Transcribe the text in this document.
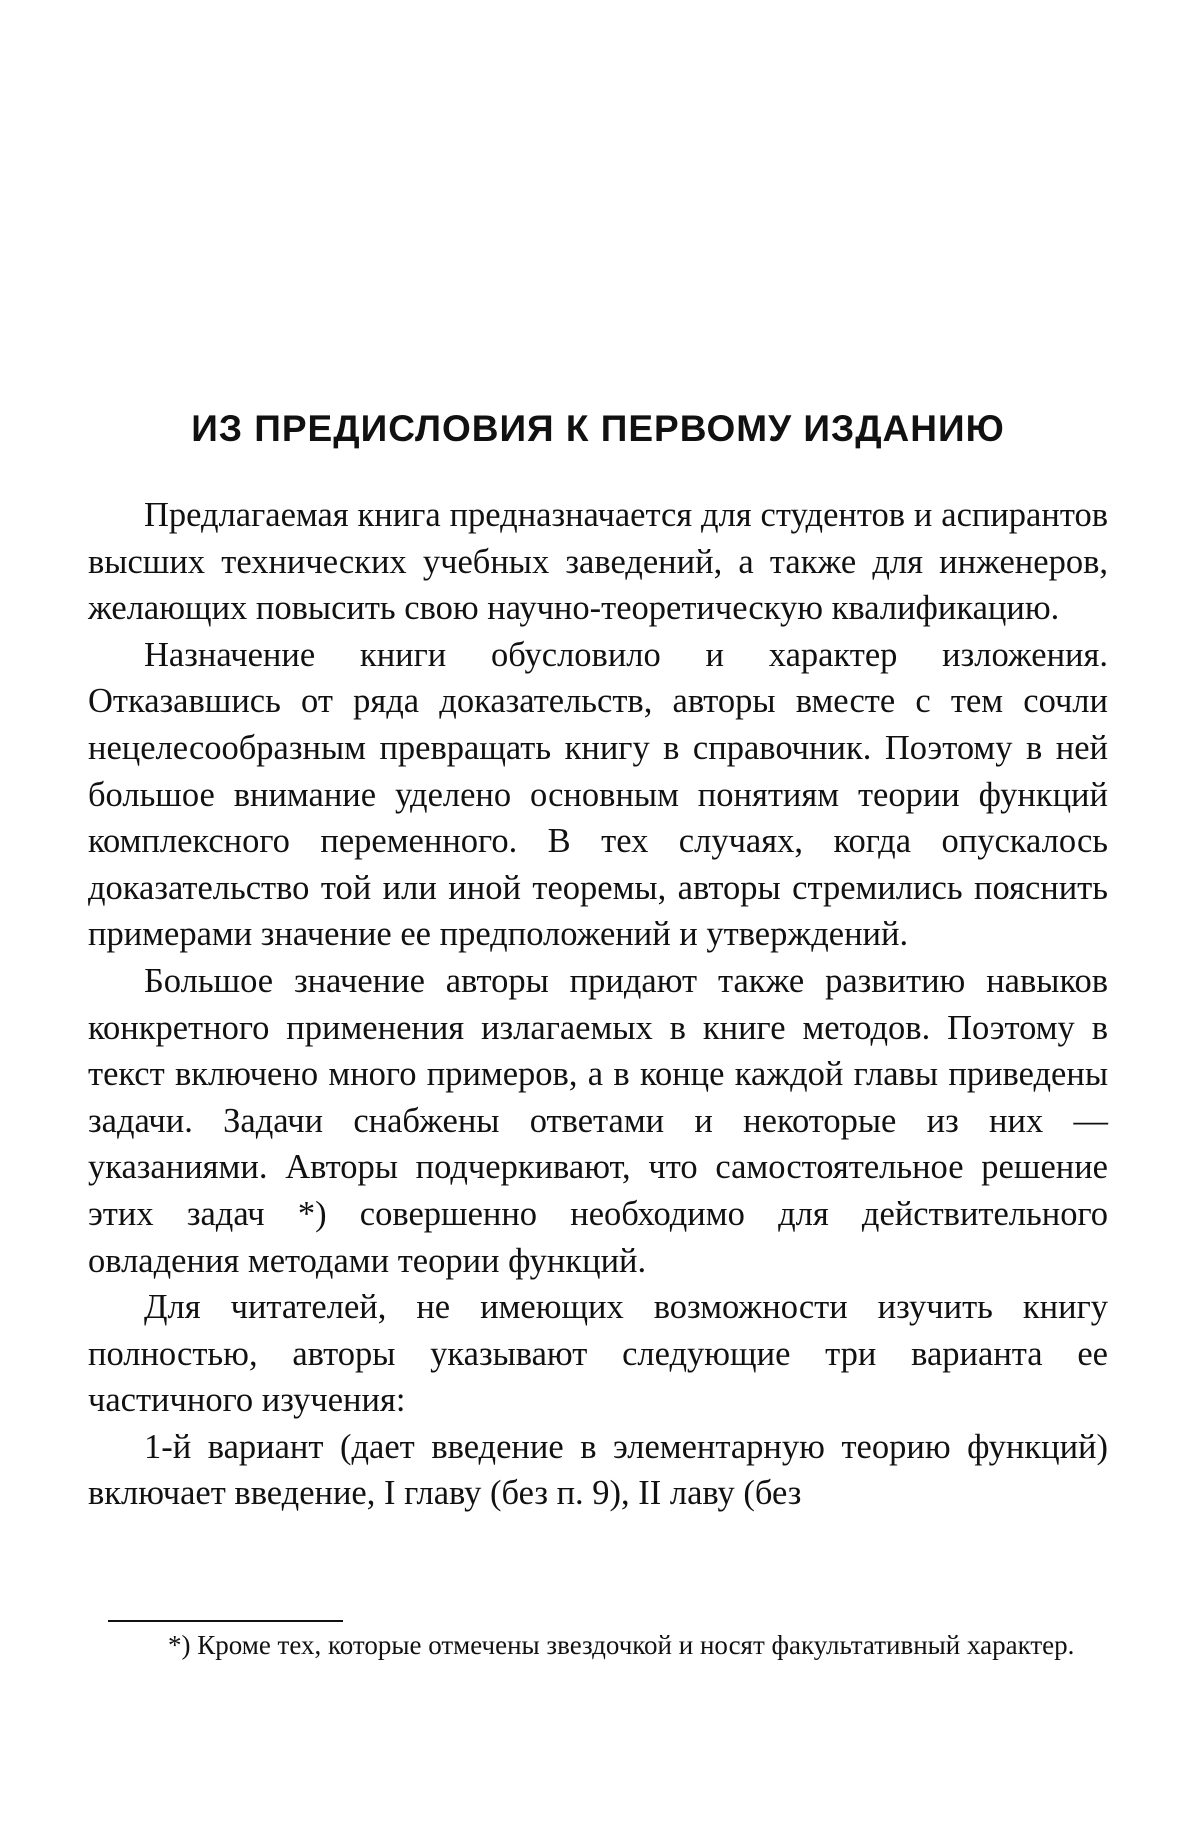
ИЗ ПРЕДИСЛОВИЯ К ПЕРВОМУ ИЗДАНИЮ

Предлагаемая книга предназначается для студентов и аспирантов высших технических учебных заведений, а также для инженеров, желающих повысить свою научно-теоретическую квалификацию.

Назначение книги обусловило и характер изложения. Отказавшись от ряда доказательств, авторы вместе с тем сочли нецелесообразным превращать книгу в справочник. Поэтому в ней большое внимание уделено основным понятиям теории функций комплексного переменного. В тех случаях, когда опускалось доказательство той или иной теоремы, авторы стремились пояснить примерами значение ее предположений и утверждений.

Большое значение авторы придают также развитию навыков конкретного применения излагаемых в книге методов. Поэтому в текст включено много примеров, а в конце каждой главы приведены задачи. Задачи снабжены ответами и некоторые из них — указаниями. Авторы подчеркивают, что самостоятельное решение этих задач *) совершенно необходимо для действительного овладения методами теории функций.

Для читателей, не имеющих возможности изучить книгу полностью, авторы указывают следующие три варианта ее частичного изучения:

1-й вариант (дает введение в элементарную теорию функций) включает введение, I главу (без п. 9), II лаву (без

*) Кроме тех, которые отмечены звездочкой и носят факультативный характер.
